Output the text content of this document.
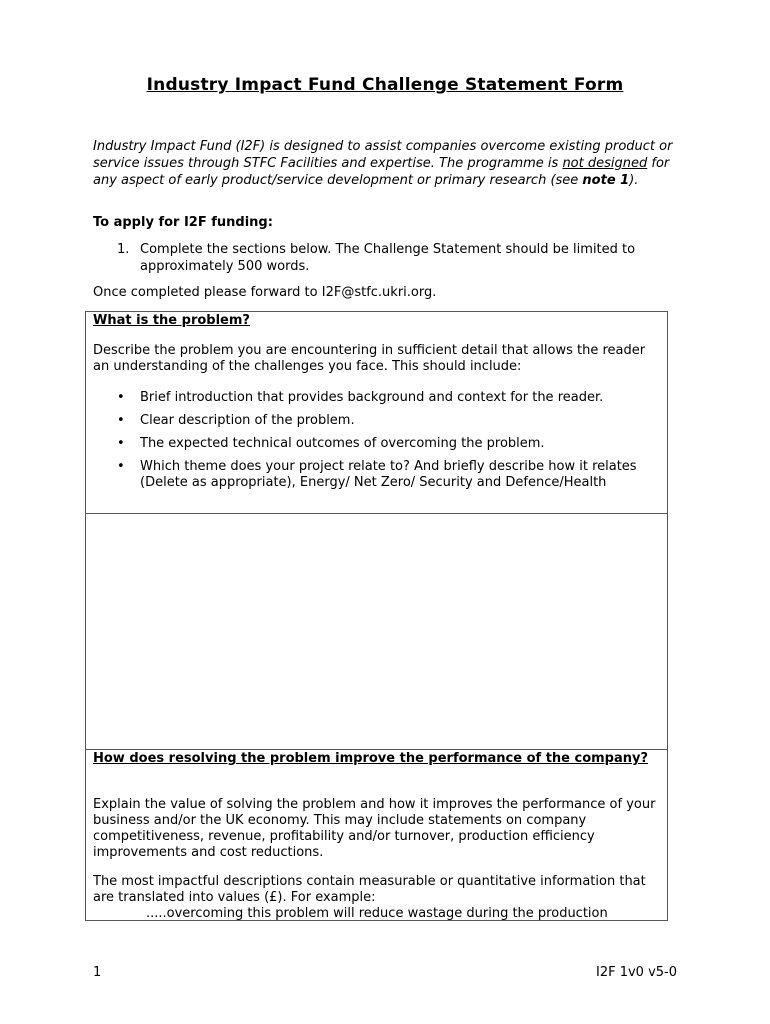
Industry Impact Fund Challenge Statement Form

Industry Impact Fund (I2F) is designed to assist companies overcome existing product or service issues through STFC Facilities and expertise. The programme is not designed for any aspect of early product/service development or primary research (see note 1).

To apply for I2F funding:

1. Complete the sections below. The Challenge Statement should be limited to approximately 500 words.

Once completed please forward to I2F@stfc.ukri.org.

What is the problem?

Describe the problem you are encountering in sufficient detail that allows the reader an understanding of the challenges you face. This should include:

• Brief introduction that provides background and context for the reader.
• Clear description of the problem.
• The expected technical outcomes of overcoming the problem.
• Which theme does your project relate to? And briefly describe how it relates (Delete as appropriate), Energy/ Net Zero/ Security and Defence/Health

How does resolving the problem improve the performance of the company?

Explain the value of solving the problem and how it improves the performance of your business and/or the UK economy. This may include statements on company competitiveness, revenue, profitability and/or turnover, production efficiency improvements and cost reductions.

The most impactful descriptions contain measurable or quantitative information that are translated into values (£). For example:

.....overcoming this problem will reduce wastage during the production

1	I2F 1v0 v5-0
